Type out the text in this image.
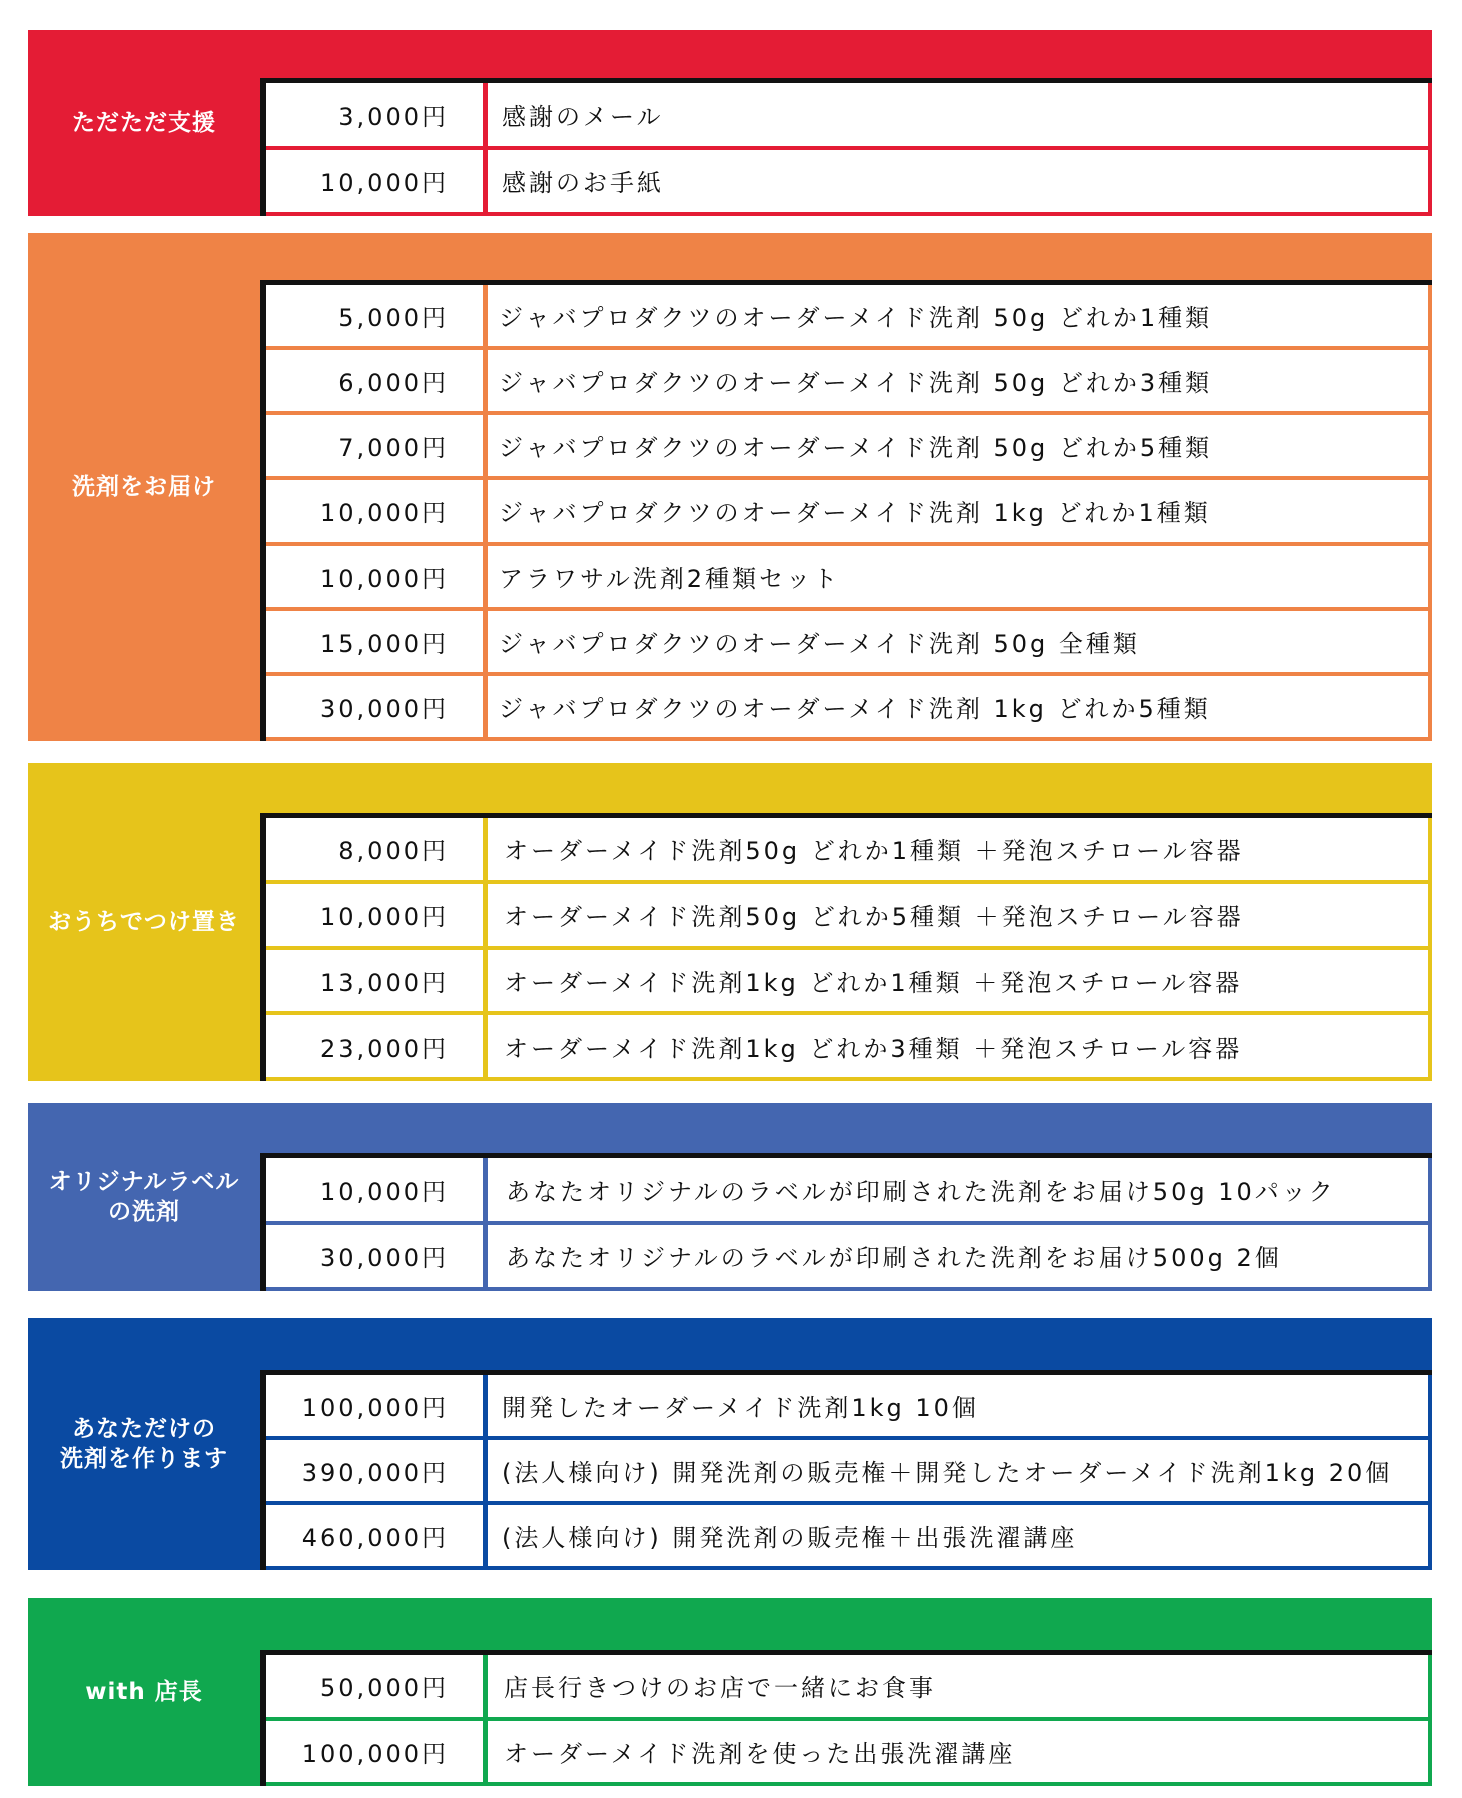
ただただ支援	3,000円	感謝のメール
10,000円	感謝のお手紙
洗剤をお届け
5,000円	ジャバプロダクツのオーダーメイド洗剤 50g どれか1種類
6,000円	ジャバプロダクツのオーダーメイド洗剤 50g どれか3種類
7,000円	ジャバプロダクツのオーダーメイド洗剤 50g どれか5種類
10,000円	ジャバプロダクツのオーダーメイド洗剤 1kg どれか1種類
10,000円	アラワサル洗剤2種類セット
15,000円	ジャバプロダクツのオーダーメイド洗剤 50g 全種類
30,000円	ジャバプロダクツのオーダーメイド洗剤 1kg どれか5種類
おうちでつけ置き
8,000円	オーダーメイド洗剤50g どれか1種類 ＋発泡スチロール容器
10,000円	オーダーメイド洗剤50g どれか5種類 ＋発泡スチロール容器
13,000円	オーダーメイド洗剤1kg どれか1種類 ＋発泡スチロール容器
23,000円	オーダーメイド洗剤1kg どれか3種類 ＋発泡スチロール容器
オリジナルラベル
の洗剤
10,000円	あなたオリジナルのラベルが印刷された洗剤をお届け50g 10パック
30,000円	あなたオリジナルのラベルが印刷された洗剤をお届け500g 2個
あなただけの
洗剤を作ります
100,000円	開発したオーダーメイド洗剤1kg 10個
390,000円	(法人様向け) 開発洗剤の販売権＋開発したオーダーメイド洗剤1kg 20個
460,000円	(法人様向け) 開発洗剤の販売権＋出張洗濯講座
with 店長	50,000円	店長行きつけのお店で一緒にお食事
100,000円	オーダーメイド洗剤を使った出張洗濯講座
